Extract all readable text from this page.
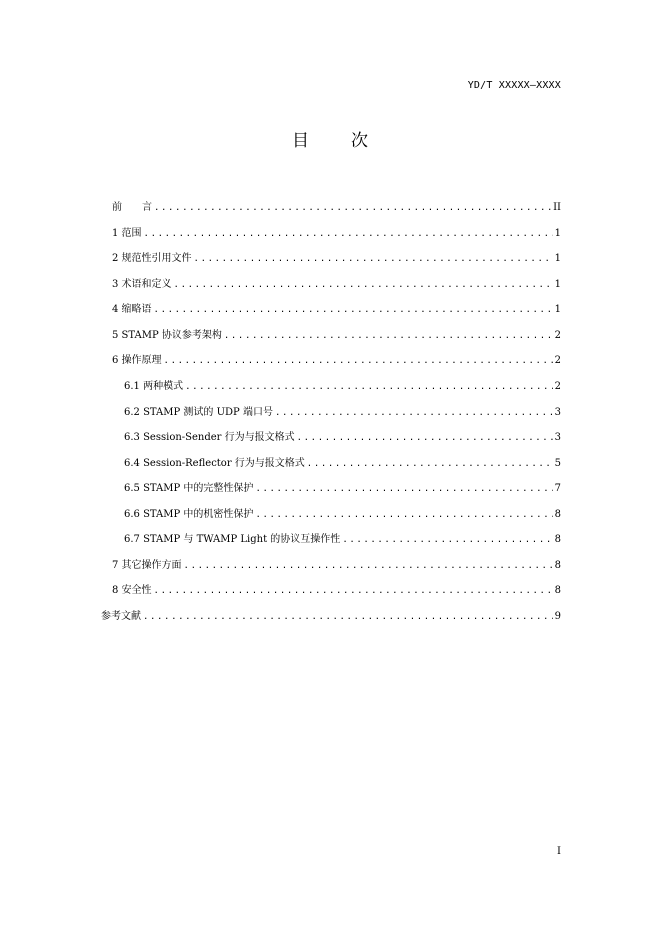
YD/T XXXXX—XXXX
目 次
前　　言 .....	II
1 范围 .....	1
2 规范性引用文件 .....	1
3 术语和定义 .....	1
4 缩略语 .....	1
5 STAMP 协议参考架构 .....	2
6 操作原理 .....	2
6.1 两种模式 .....	2
6.2 STAMP 测试的 UDP 端口号 .....	3
6.3 Session-Sender 行为与报文格式 .....	3
6.4 Session-Reflector 行为与报文格式 .....	5
6.5 STAMP 中的完整性保护 .....	7
6.6 STAMP 中的机密性保护 .....	8
6.7 STAMP 与 TWAMP Light 的协议互操作性 .....	8
7 其它操作方面 .....	8
8 安全性 .....	8
参考文献 .....	9
I
